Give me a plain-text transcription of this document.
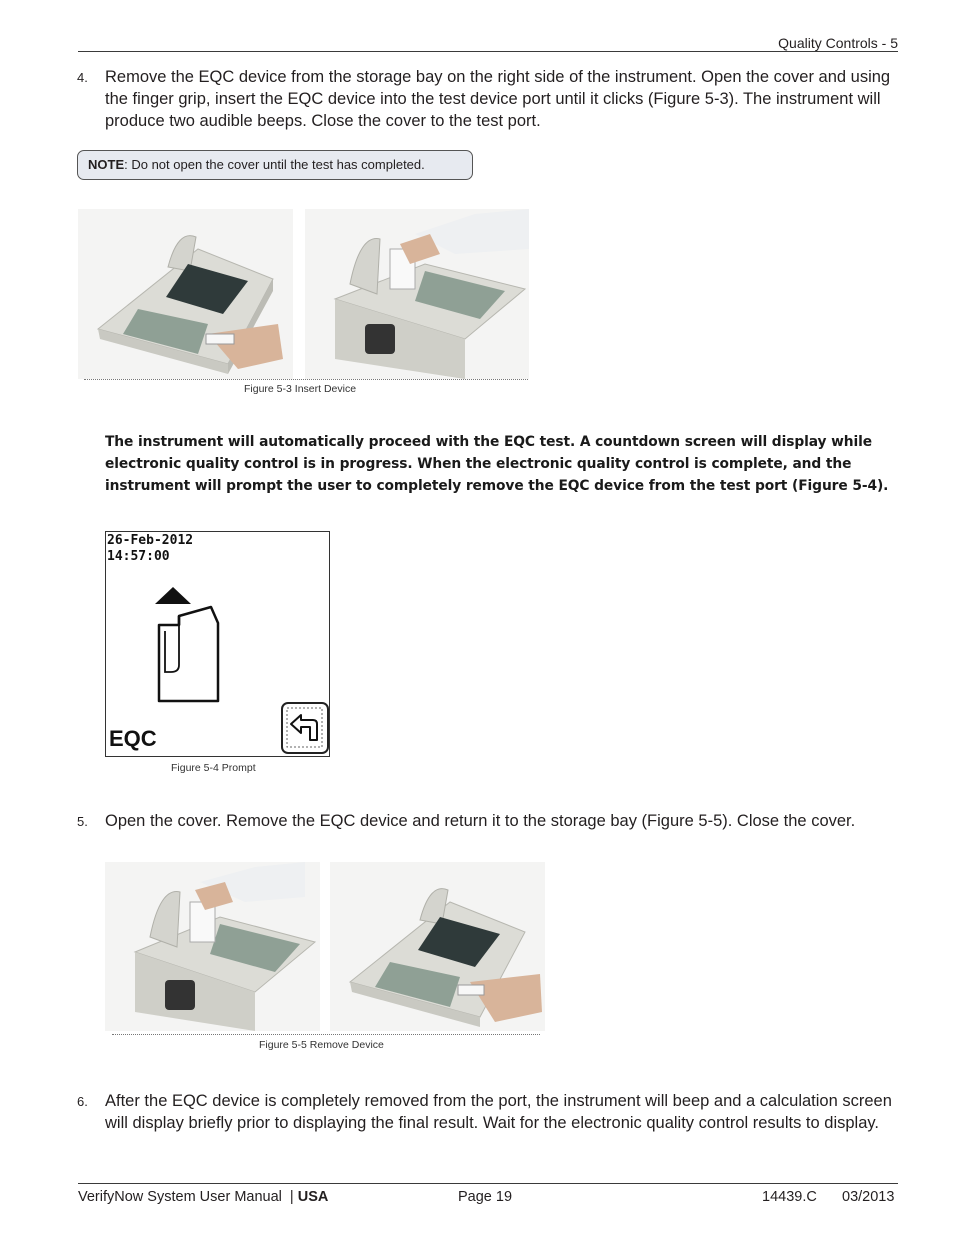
Quality Controls - 5
4. Remove the EQC device from the storage bay on the right side of the instrument. Open the cover and using the finger grip, insert the EQC device into the test device port until it clicks (Figure 5-3). The instrument will produce two audible beeps. Close the cover to the test port.
NOTE: Do not open the cover until the test has completed.
Figure 5-3 Insert Device
The instrument will automatically proceed with the EQC test. A countdown screen will display while electronic quality control is in progress. When the electronic quality control is complete, and the instrument will prompt the user to completely remove the EQC device from the test port (Figure 5-4).
26-Feb-2012
14:57:00
EQC
Figure 5-4 Prompt
5. Open the cover. Remove the EQC device and return it to the storage bay (Figure 5-5). Close the cover.
Figure 5-5 Remove Device
6. After the EQC device is completely removed from the port, the instrument will beep and a calculation screen will display briefly prior to displaying the final result. Wait for the electronic quality control results to display.
VerifyNow System User Manual  | USA	Page 19	14439.C 03/2013
